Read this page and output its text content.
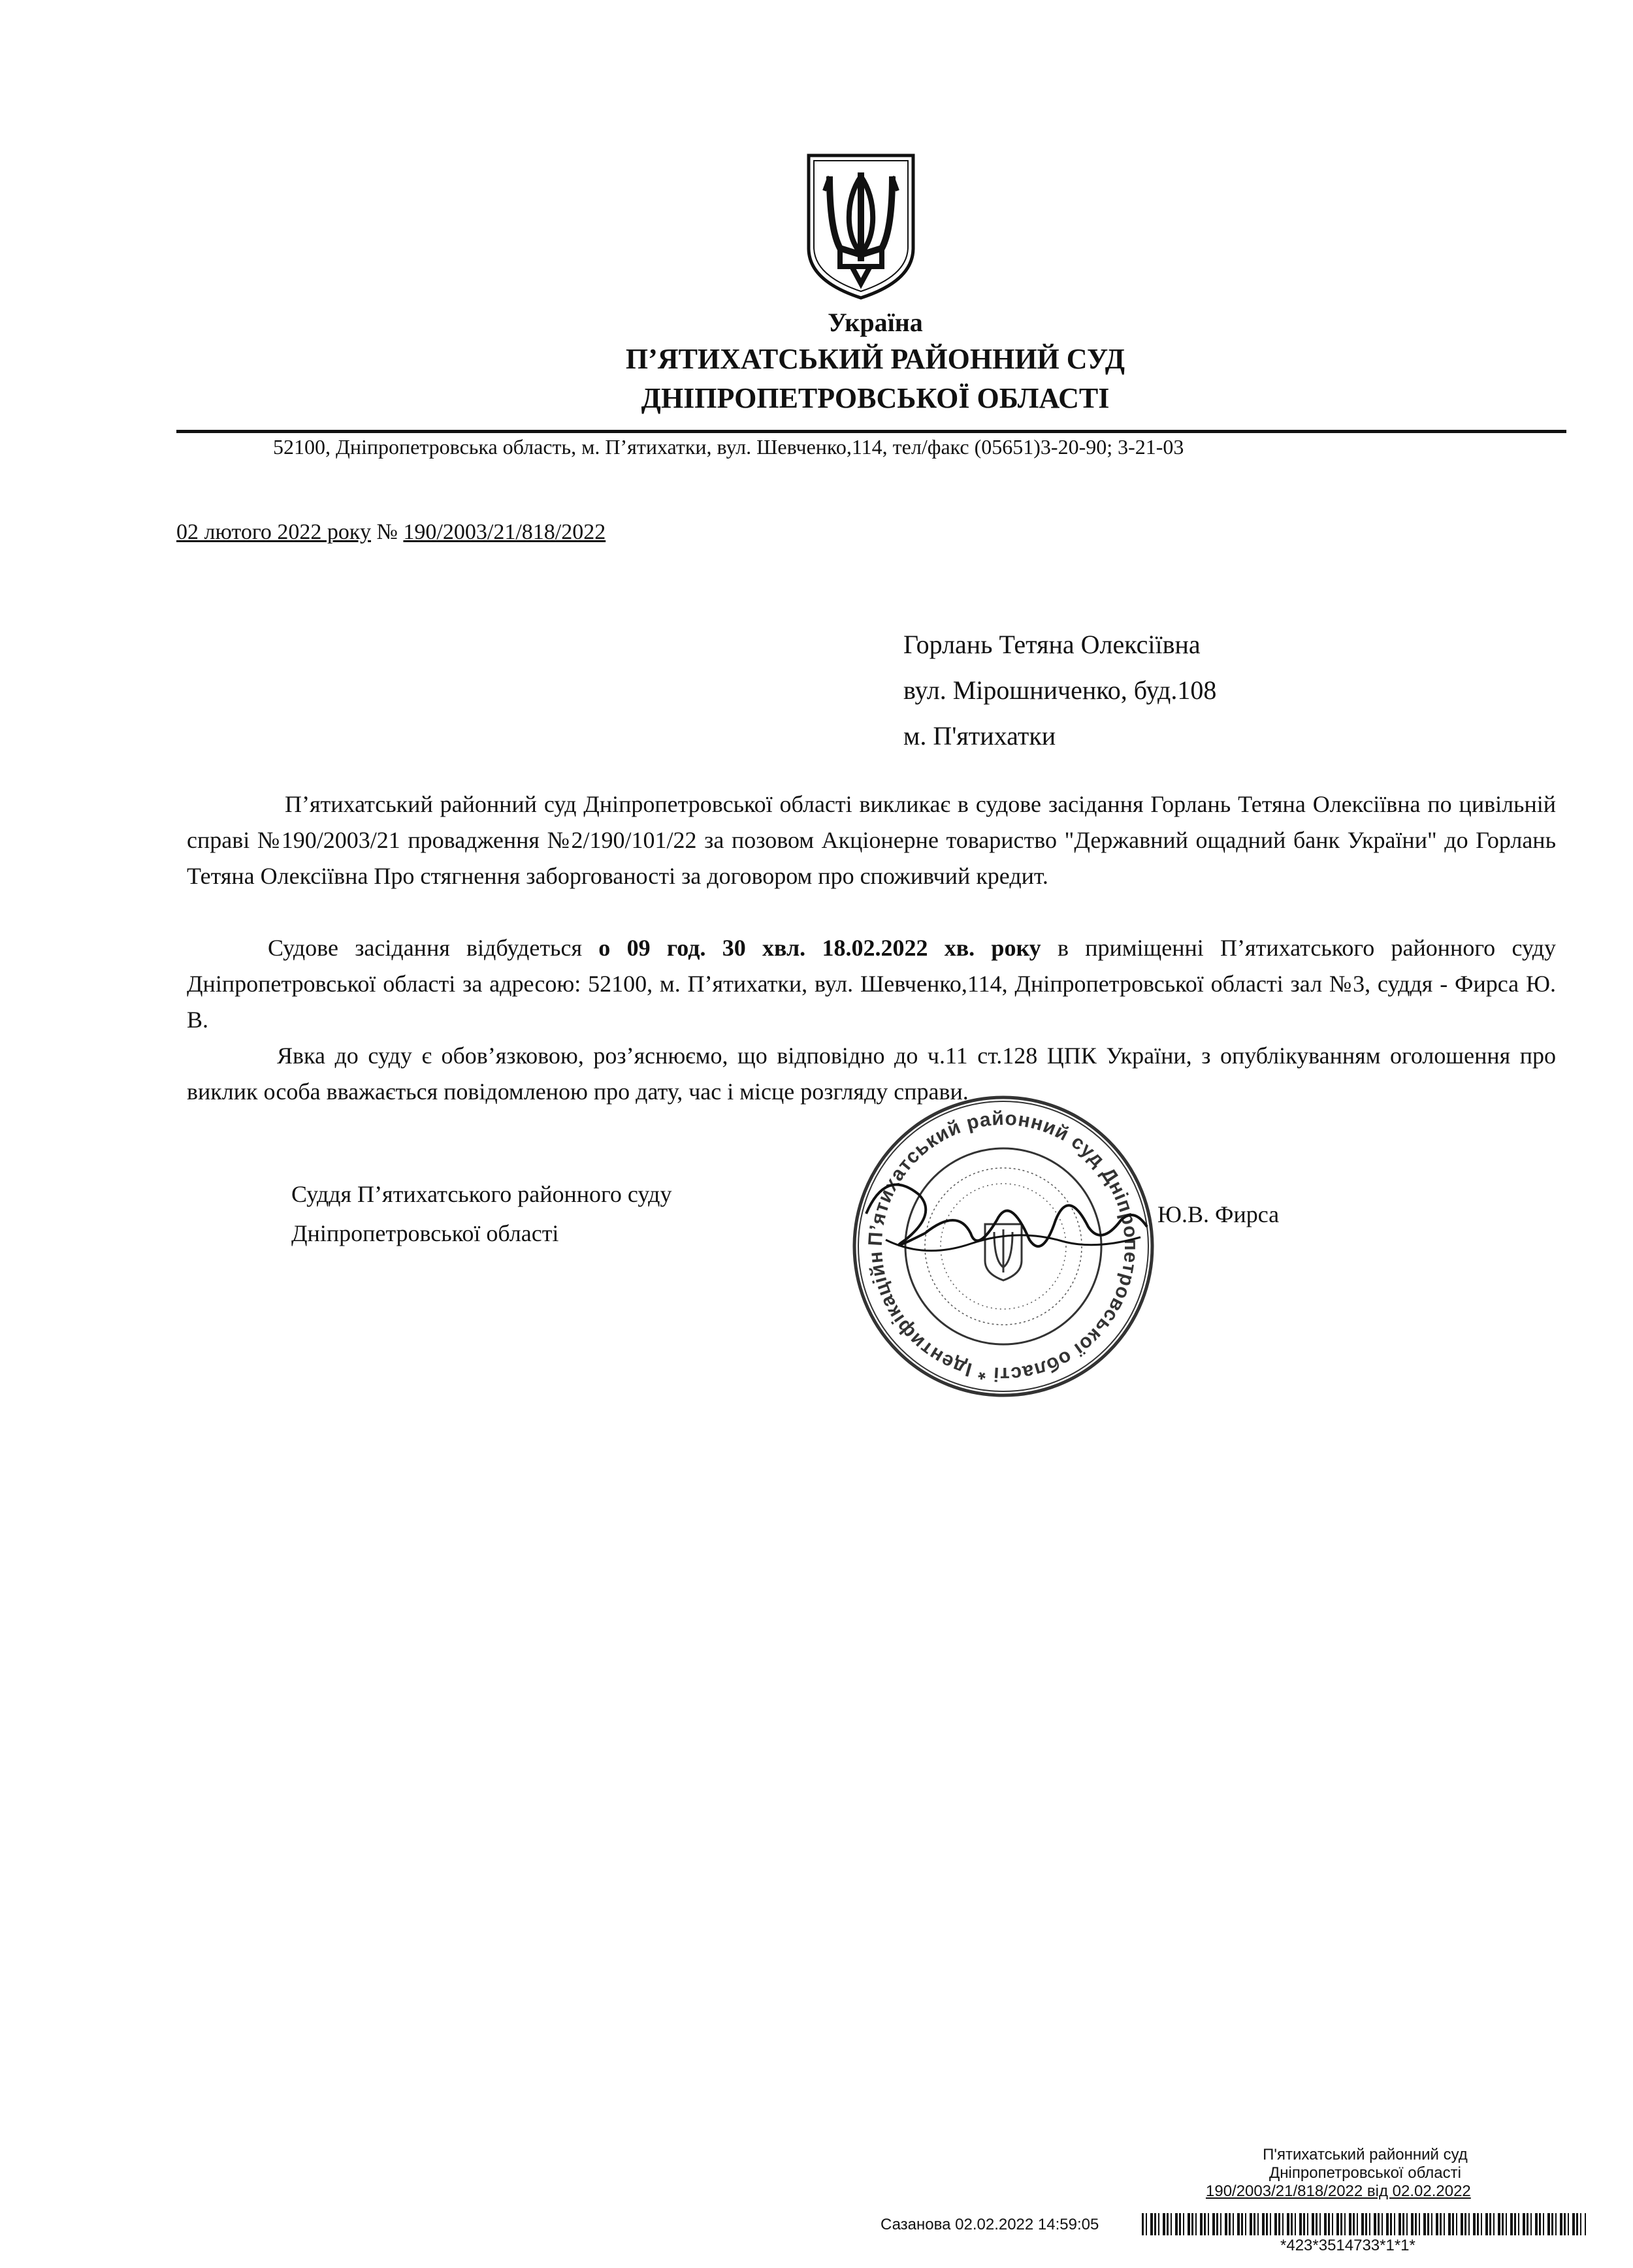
Україна
П’ЯТИХАТСЬКИЙ РАЙОННИЙ СУД
ДНІПРОПЕТРОВСЬКОЇ ОБЛАСТІ
52100, Дніпропетровська область, м. П’ятихатки, вул. Шевченко,114, тел/факс (05651)3-20-90; 3-21-03
02 лютого 2022 року № 190/2003/21/818/2022
Горлань Тетяна Олексіївна
вул. Мірошниченко, буд.108
м. П'ятихатки
П’ятихатський районний суд Дніпропетровської області викликає в судове засідання Горлань Тетяна Олексіївна по цивільній справі №190/2003/21 провадження №2/190/101/22 за позовом Акціонерне товариство "Державний ощадний банк України" до Горлань Тетяна Олексіївна Про стягнення заборгованості за договором про споживчий кредит.
Судове засідання відбудеться о 09 год. 30 хвл. 18.02.2022 хв. року в приміщенні П’ятихатського районного суду Дніпропетровської області за адресою: 52100, м. П’ятихатки, вул. Шевченко,114, Дніпропетровської області зал №3, суддя - Фирса Ю. В.
Явка до суду є обов’язковою, роз’яснюємо, що відповідно до ч.11 ст.128 ЦПК України, з опублікуванням оголошення про виклик особа вважається повідомленою про дату, час і місце розгляду справи.
Суддя П’ятихатського районного суду
Дніпропетровської області
Ю.В. Фирса
П’ятихатський районний суд Дніпропетровської області * Ідентифікаційн
П'ятихатський районний суд
Дніпропетровської області
190/2003/21/818/2022 від 02.02.2022
Сазанова 02.02.2022 14:59:05
*423*3514733*1*1*
